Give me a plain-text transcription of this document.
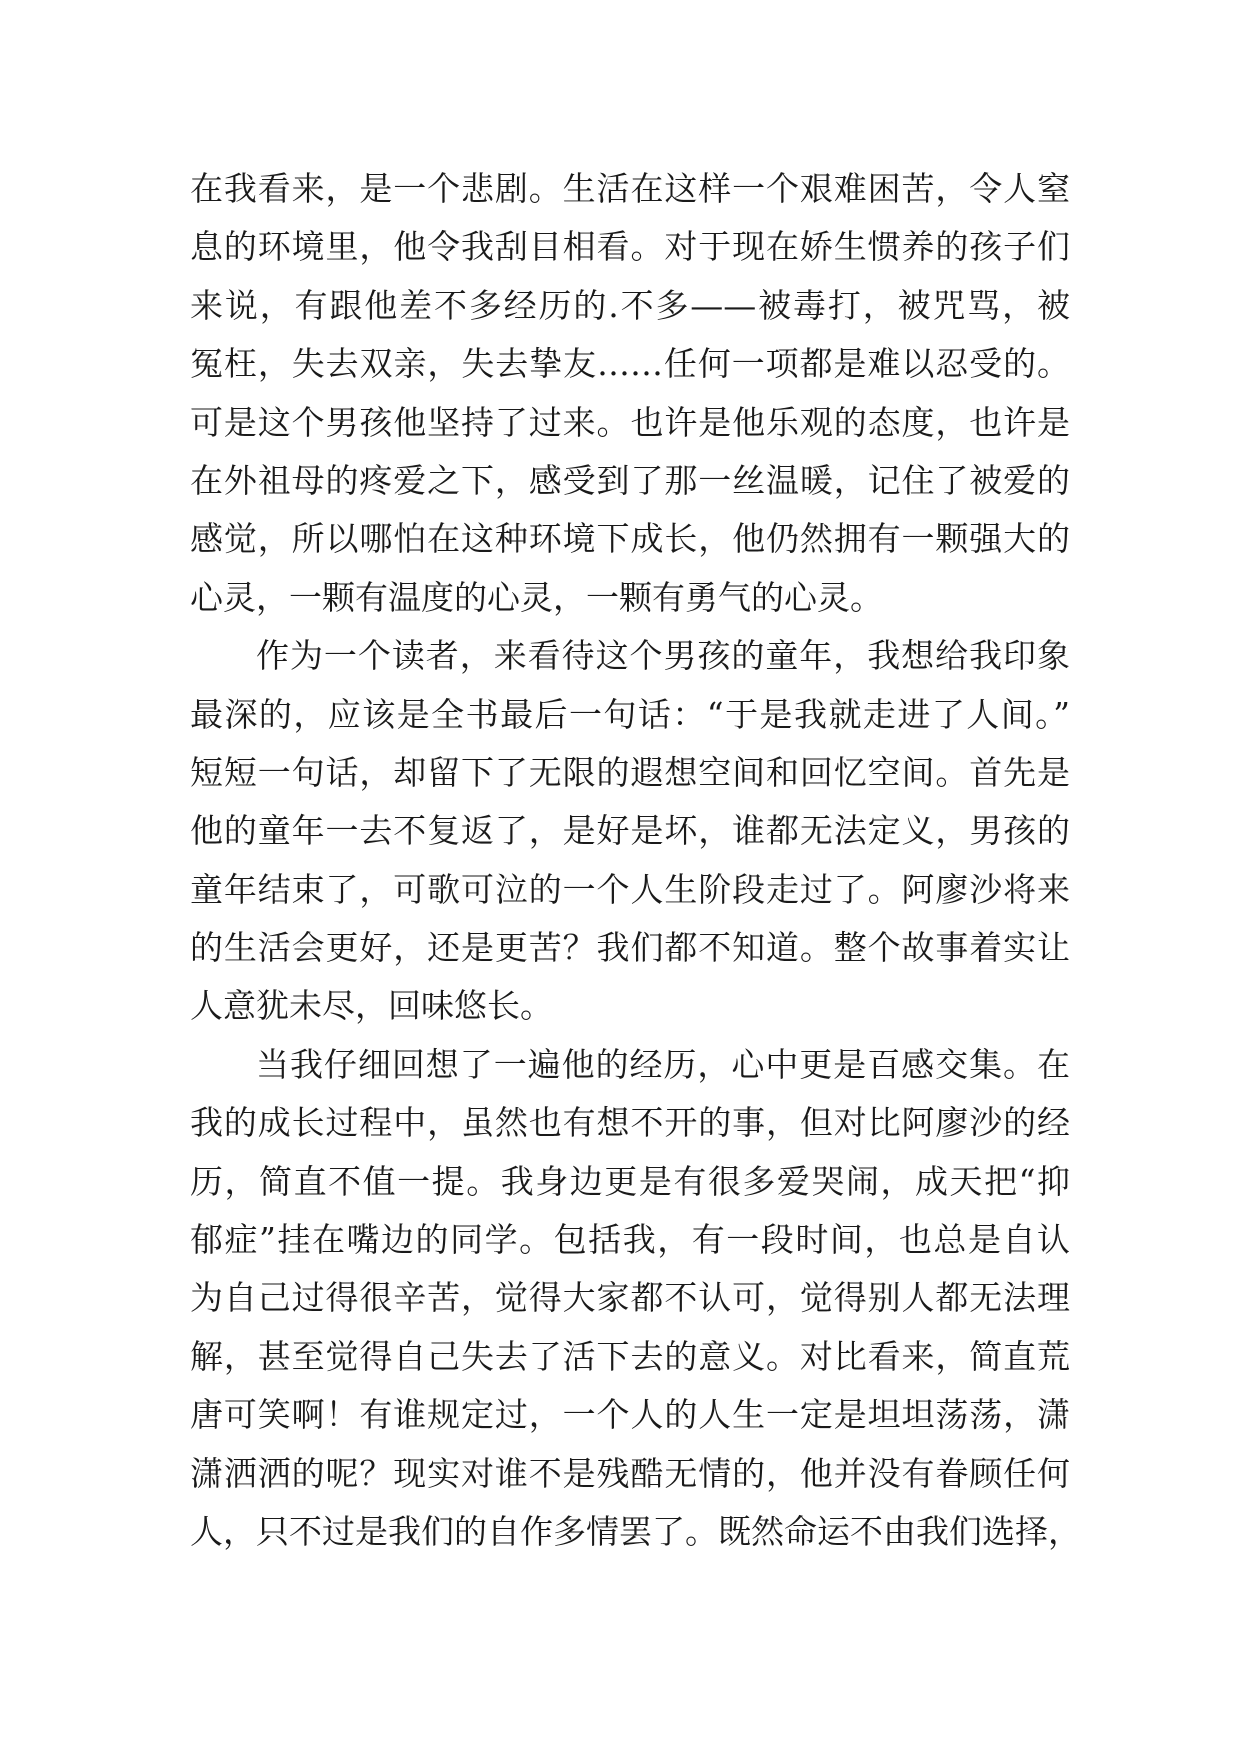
在我看来，是一个悲剧。生活在这样一个艰难困苦，令人窒
息的环境里，他令我刮目相看。对于现在娇生惯养的孩子们
来说，有跟他差不多经历的.不多——被毒打，被咒骂，被
冤枉，失去双亲，失去挚友……任何一项都是难以忍受的。
可是这个男孩他坚持了过来。也许是他乐观的态度，也许是
在外祖母的疼爱之下，感受到了那一丝温暖，记住了被爱的
感觉，所以哪怕在这种环境下成长，他仍然拥有一颗强大的
心灵，一颗有温度的心灵，一颗有勇气的心灵。
作为一个读者，来看待这个男孩的童年，我想给我印象
最深的，应该是全书最后一句话：“于是我就走进了人间。”
短短一句话，却留下了无限的遐想空间和回忆空间。首先是
他的童年一去不复返了，是好是坏，谁都无法定义，男孩的
童年结束了，可歌可泣的一个人生阶段走过了。阿廖沙将来
的生活会更好，还是更苦？我们都不知道。整个故事着实让
人意犹未尽，回味悠长。
当我仔细回想了一遍他的经历，心中更是百感交集。在
我的成长过程中，虽然也有想不开的事，但对比阿廖沙的经
历，简直不值一提。我身边更是有很多爱哭闹，成天把“抑
郁症”挂在嘴边的同学。包括我，有一段时间，也总是自认
为自己过得很辛苦，觉得大家都不认可，觉得别人都无法理
解，甚至觉得自己失去了活下去的意义。对比看来，简直荒
唐可笑啊！有谁规定过，一个人的人生一定是坦坦荡荡，潇
潇洒洒的呢？现实对谁不是残酷无情的，他并没有眷顾任何
人，只不过是我们的自作多情罢了。既然命运不由我们选择，
